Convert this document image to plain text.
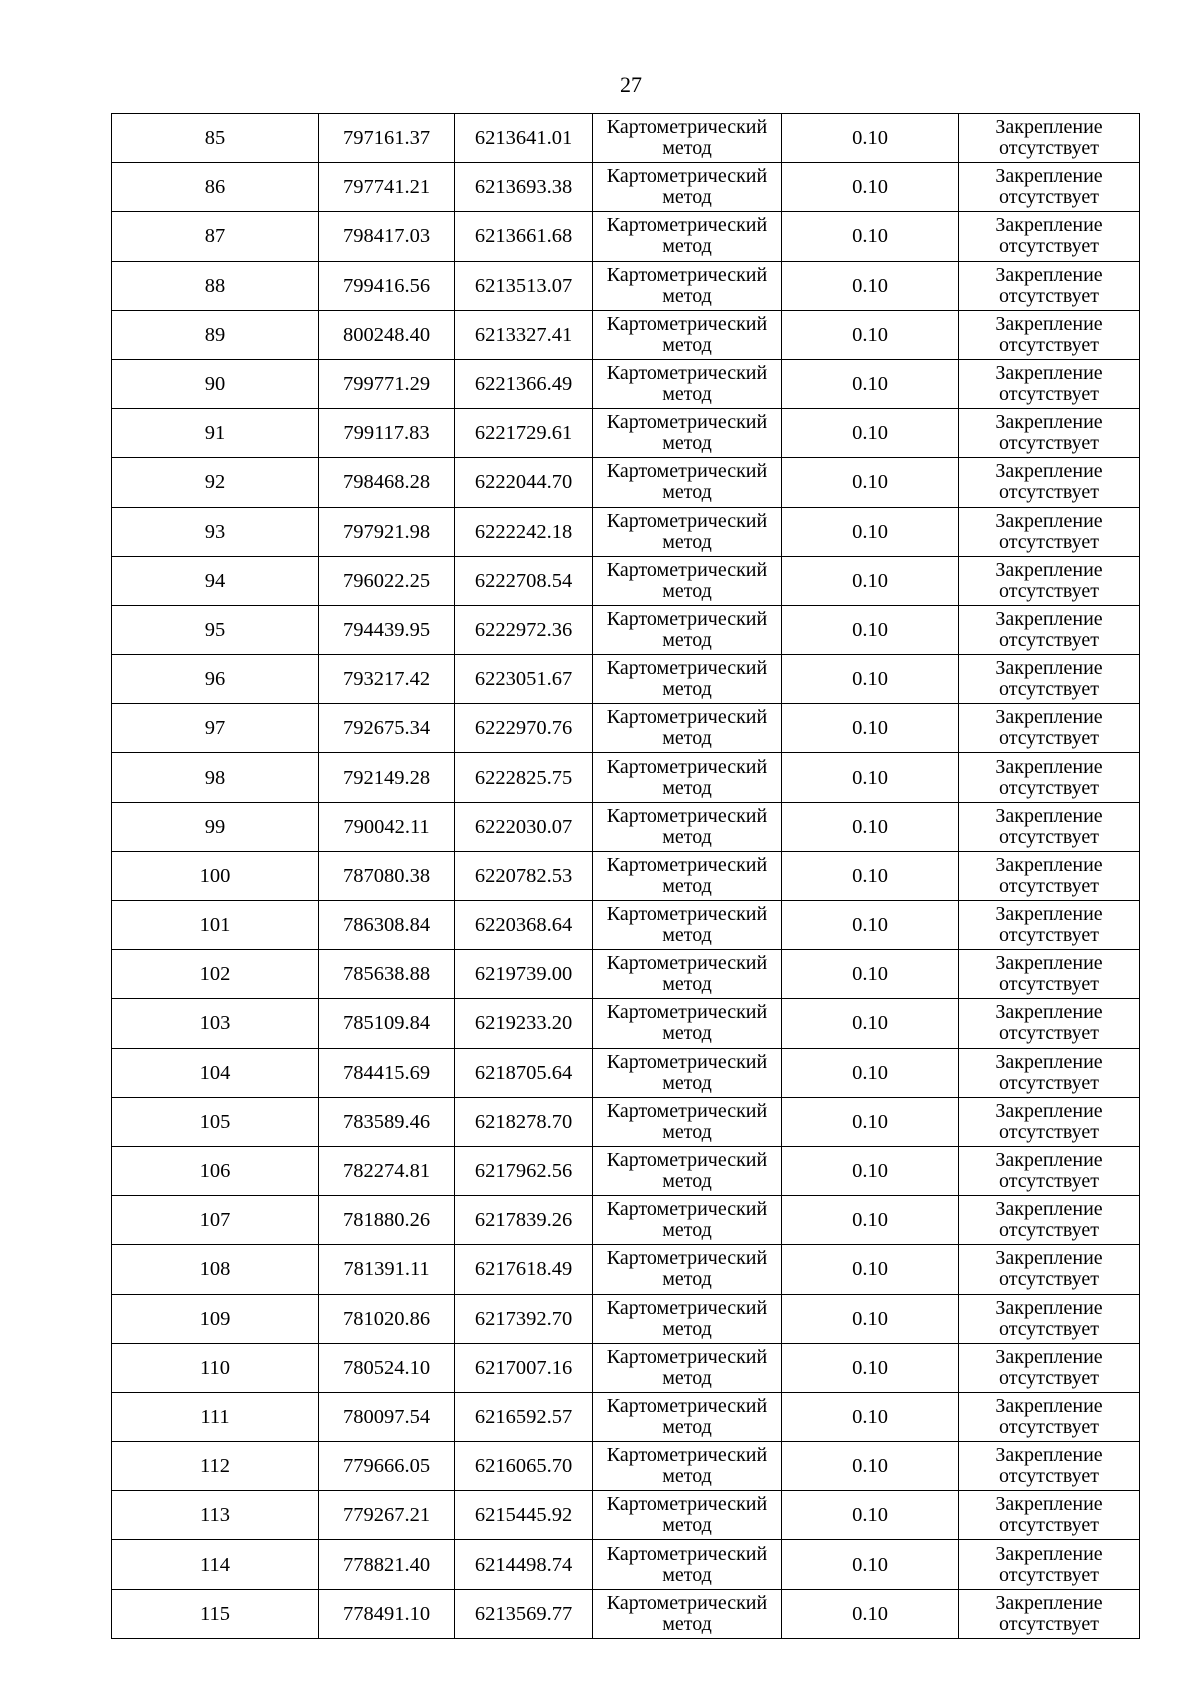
27
85	797161.37	6213641.01	Картометрический метод	0.10	Закрепление отсутствует

86	797741.21	6213693.38	Картометрический метод	0.10	Закрепление отсутствует

87	798417.03	6213661.68	Картометрический метод	0.10	Закрепление отсутствует

88	799416.56	6213513.07	Картометрический метод	0.10	Закрепление отсутствует

89	800248.40	6213327.41	Картометрический метод	0.10	Закрепление отсутствует

90	799771.29	6221366.49	Картометрический метод	0.10	Закрепление отсутствует

91	799117.83	6221729.61	Картометрический метод	0.10	Закрепление отсутствует

92	798468.28	6222044.70	Картометрический метод	0.10	Закрепление отсутствует

93	797921.98	6222242.18	Картометрический метод	0.10	Закрепление отсутствует

94	796022.25	6222708.54	Картометрический метод	0.10	Закрепление отсутствует

95	794439.95	6222972.36	Картометрический метод	0.10	Закрепление отсутствует

96	793217.42	6223051.67	Картометрический метод	0.10	Закрепление отсутствует

97	792675.34	6222970.76	Картометрический метод	0.10	Закрепление отсутствует

98	792149.28	6222825.75	Картометрический метод	0.10	Закрепление отсутствует

99	790042.11	6222030.07	Картометрический метод	0.10	Закрепление отсутствует

100	787080.38	6220782.53	Картометрический метод	0.10	Закрепление отсутствует

101	786308.84	6220368.64	Картометрический метод	0.10	Закрепление отсутствует

102	785638.88	6219739.00	Картометрический метод	0.10	Закрепление отсутствует

103	785109.84	6219233.20	Картометрический метод	0.10	Закрепление отсутствует

104	784415.69	6218705.64	Картометрический метод	0.10	Закрепление отсутствует

105	783589.46	6218278.70	Картометрический метод	0.10	Закрепление отсутствует

106	782274.81	6217962.56	Картометрический метод	0.10	Закрепление отсутствует

107	781880.26	6217839.26	Картометрический метод	0.10	Закрепление отсутствует

108	781391.11	6217618.49	Картометрический метод	0.10	Закрепление отсутствует

109	781020.86	6217392.70	Картометрический метод	0.10	Закрепление отсутствует

110	780524.10	6217007.16	Картометрический метод	0.10	Закрепление отсутствует

111	780097.54	6216592.57	Картометрический метод	0.10	Закрепление отсутствует

112	779666.05	6216065.70	Картометрический метод	0.10	Закрепление отсутствует

113	779267.21	6215445.92	Картометрический метод	0.10	Закрепление отсутствует

114	778821.40	6214498.74	Картометрический метод	0.10	Закрепление отсутствует

115	778491.10	6213569.77	Картометрический метод	0.10	Закрепление отсутствует
